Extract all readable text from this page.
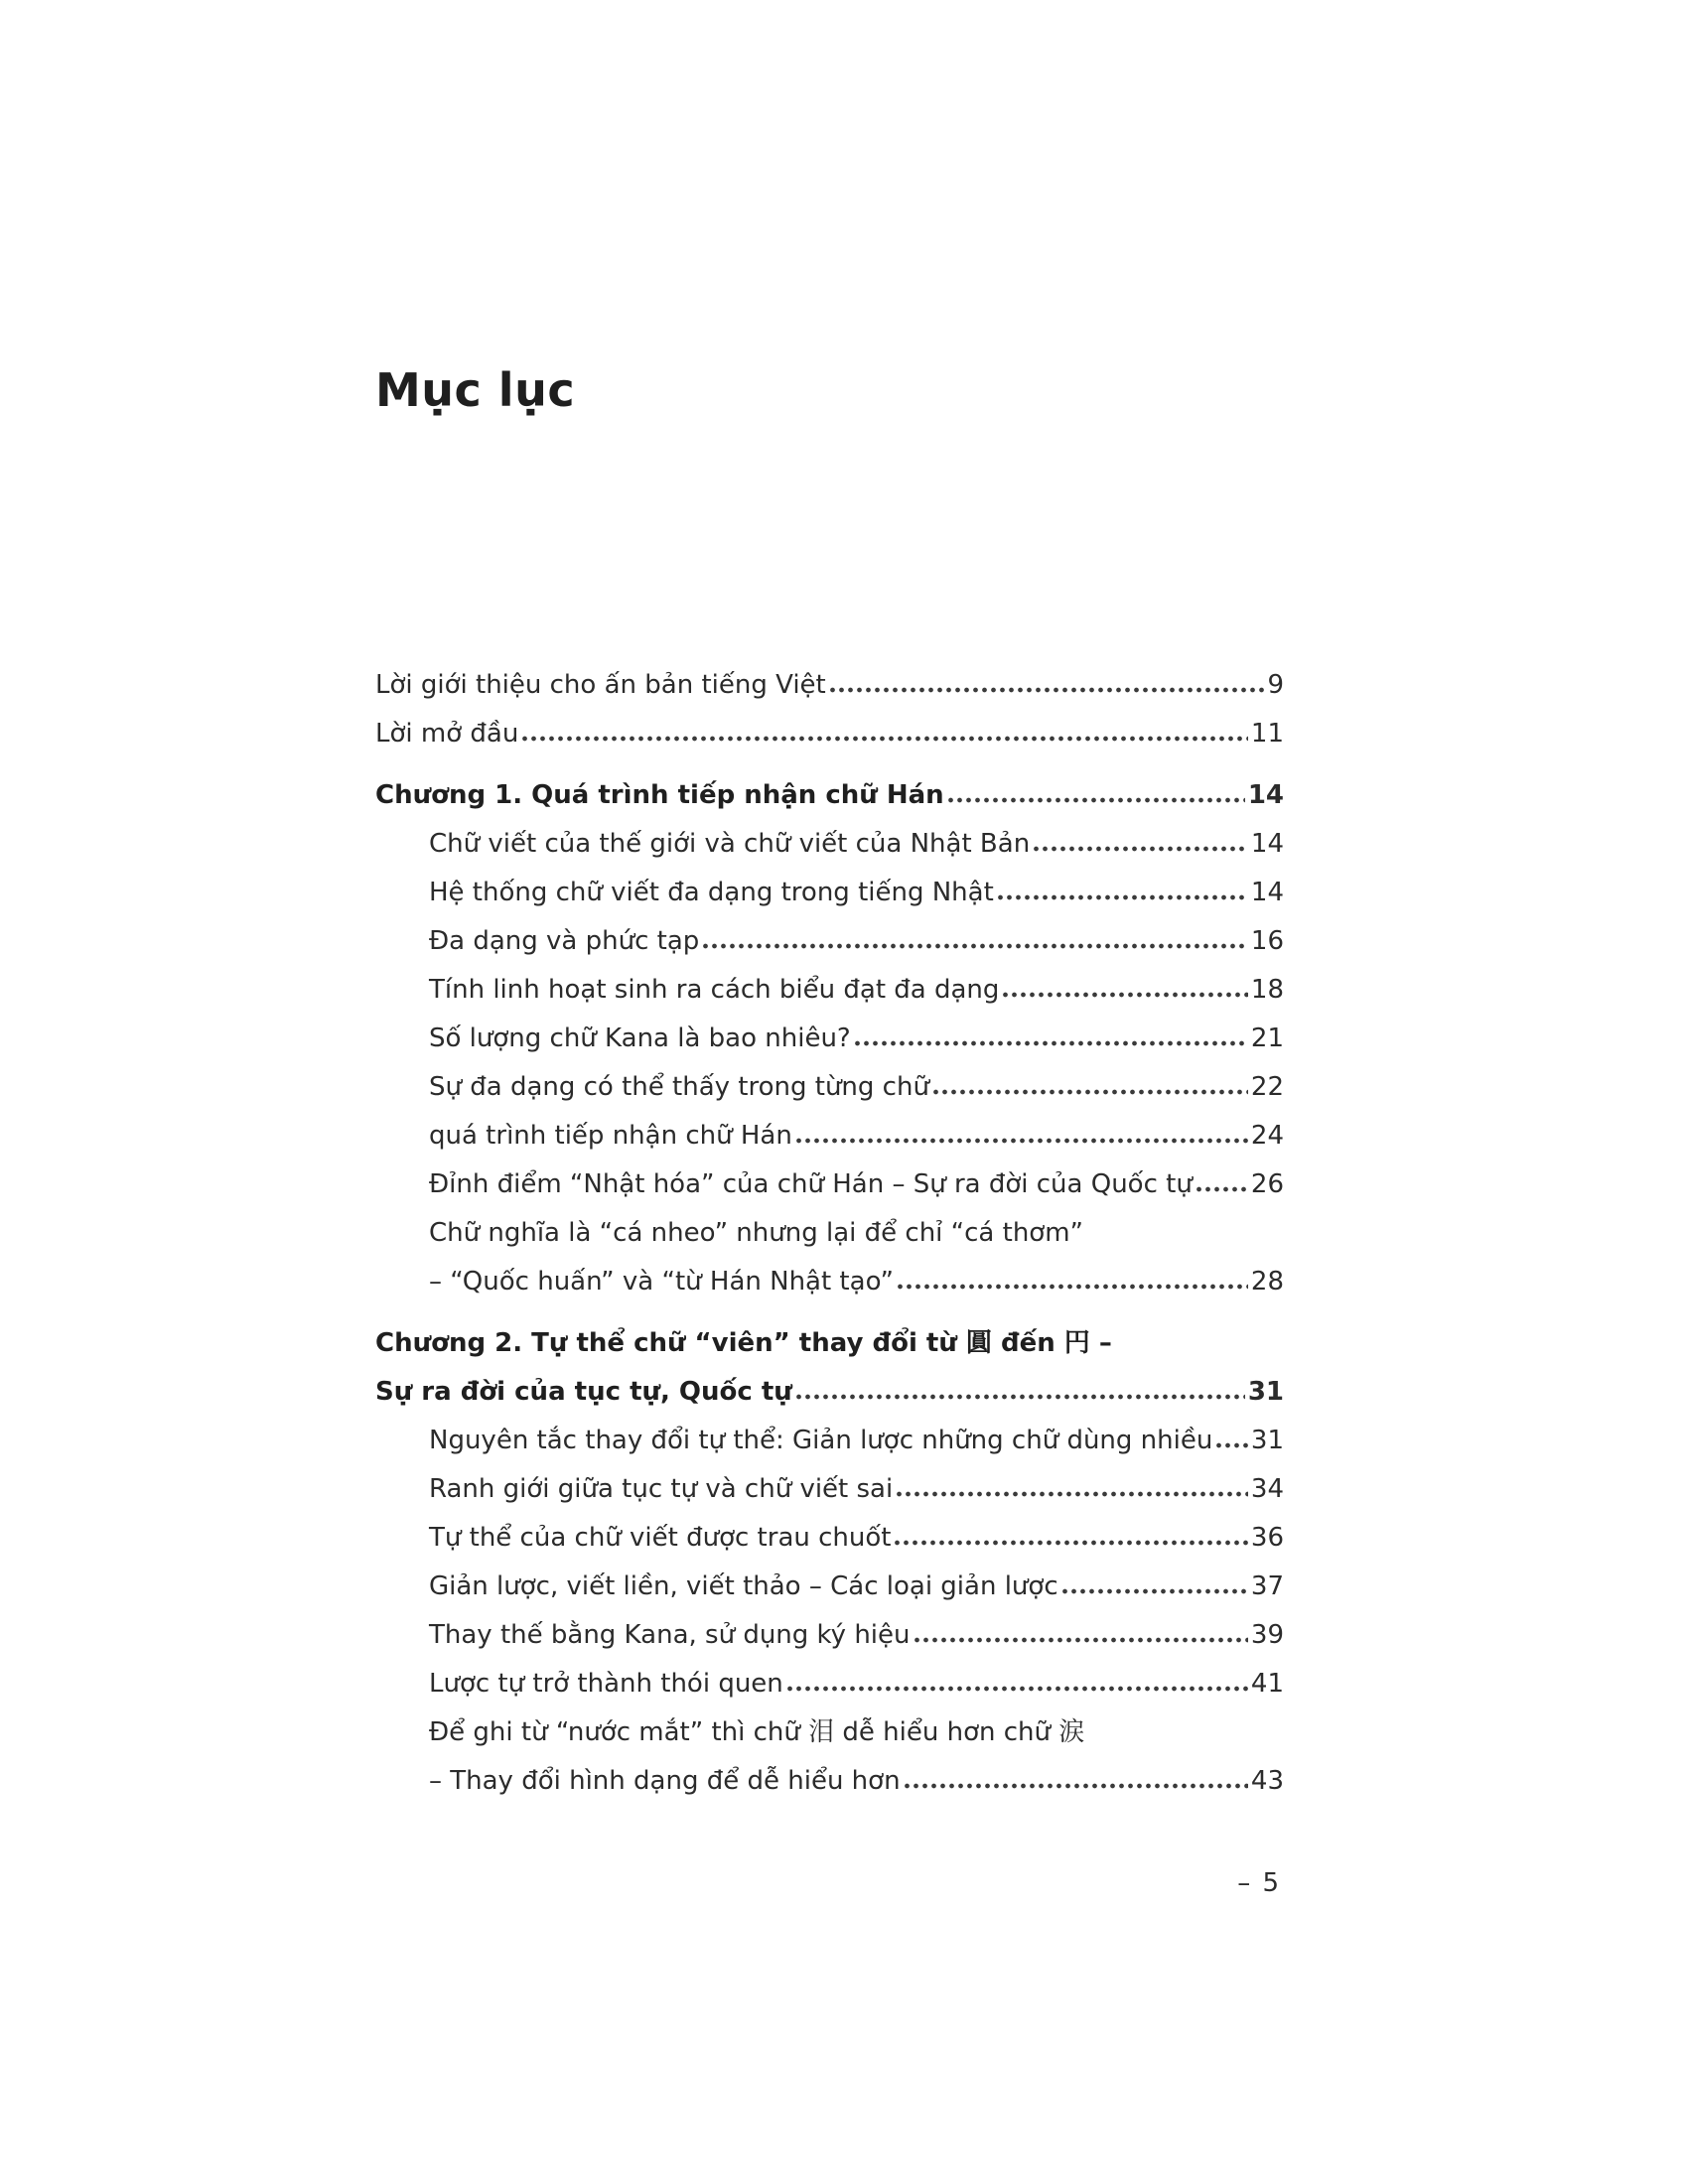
Mục lục
Lời giới thiệu cho ấn bản tiếng Việt	9
Lời mở đầu	11
Chương 1. Quá trình tiếp nhận chữ Hán	14
Chữ viết của thế giới và chữ viết của Nhật Bản	14
Hệ thống chữ viết đa dạng trong tiếng Nhật	14
Đa dạng và phức tạp	16
Tính linh hoạt sinh ra cách biểu đạt đa dạng	18
Số lượng chữ Kana là bao nhiêu?	21
Sự đa dạng có thể thấy trong từng chữ	22
quá trình tiếp nhận chữ Hán	24
Đỉnh điểm “Nhật hóa” của chữ Hán – Sự ra đời của Quốc tự 26
Chữ nghĩa là “cá nheo” nhưng lại để chỉ “cá thơm”
– “Quốc huấn” và “từ Hán Nhật tạo”	28
Chương 2. Tự thể chữ “viên” thay đổi từ 圓 đến 円 –
Sự ra đời của tục tự, Quốc tự	31
Nguyên tắc thay đổi tự thể: Giản lược những chữ dùng nhiều 31
Ranh giới giữa tục tự và chữ viết sai	34
Tự thể của chữ viết được trau chuốt	36
Giản lược, viết liền, viết thảo – Các loại giản lược	37
Thay thế bằng Kana, sử dụng ký hiệu	39
Lược tự trở thành thói quen	41
Để ghi từ “nước mắt” thì chữ 泪 dễ hiểu hơn chữ 涙
– Thay đổi hình dạng để dễ hiểu hơn	43
– 5
